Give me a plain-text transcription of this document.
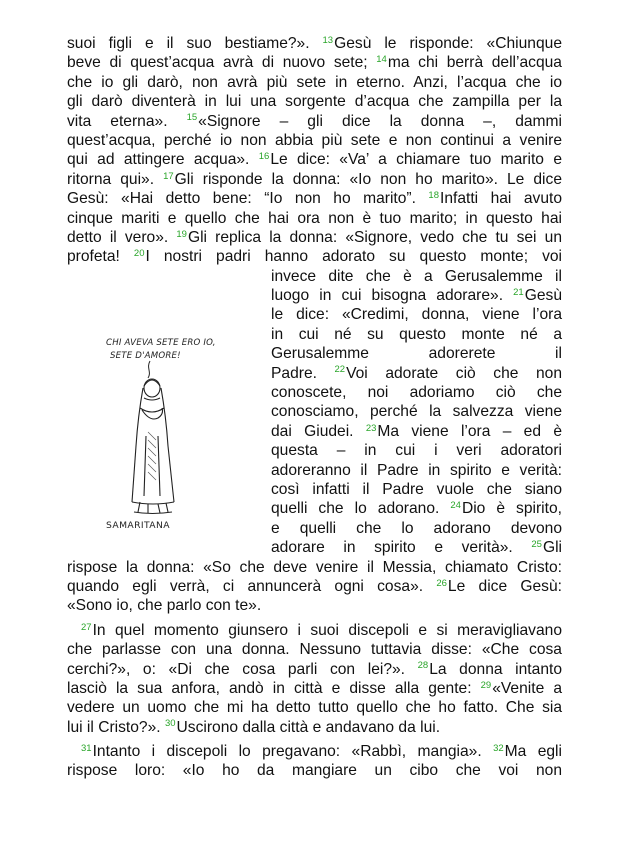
suoi figli e il suo bestiame?». $^{13}$Gesù le risponde: «Chiunque
beve di quest’acqua avrà di nuovo sete; $^{14}$ma chi berrà dell’acqua
che io gli darò, non avrà più sete in eterno. Anzi, l’acqua che io
gli darò diventerà in lui una sorgente d’acqua che zampilla per la
vita eterna». $^{15}$«Signore – gli dice la donna –, dammi
quest’acqua, perché io non abbia più sete e non continui a venire
qui ad attingere acqua». $^{16}$Le dice: «Va’ a chiamare tuo marito e
ritorna qui». $^{17}$Gli risponde la donna: «Io non ho marito». Le dice
Gesù: «Hai detto bene: “Io non ho marito”. $^{18}$Infatti hai avuto
cinque mariti e quello che hai ora non è tuo marito; in questo hai
detto il vero». $^{19}$Gli replica la donna: «Signore, vedo che tu sei un
profeta! $^{20}$I nostri padri hanno adorato su questo monte; voi
invece dite che è a Gerusalemme il
luogo in cui bisogna adorare». $^{21}$Gesù
le dice: «Credimi, donna, viene l’ora
in cui né su questo monte né a
Gerusalemme adorerete il
Padre. $^{22}$Voi adorate ciò che non
conoscete, noi adoriamo ciò che
conosciamo, perché la salvezza viene
dai Giudei. $^{23}$Ma viene l’ora – ed è
questa – in cui i veri adoratori
adoreranno il Padre in spirito e verità:
così infatti il Padre vuole che siano
quelli che lo adorano. $^{24}$Dio è spirito,
e quelli che lo adorano devono
adorare in spirito e verità». $^{25}$Gli
rispose la donna: «So che deve venire il Messia, chiamato Cristo:
quando egli verrà, ci annuncerà ogni cosa». $^{26}$Le dice Gesù:
«Sono io, che parlo con te».
$^{27}$In quel momento giunsero i suoi discepoli e si meravigliavano
che parlasse con una donna. Nessuno tuttavia disse: «Che cosa
cerchi?», o: «Di che cosa parli con lei?». $^{28}$La donna intanto
lasciò la sua anfora, andò in città e disse alla gente: $^{29}$«Venite a
vedere un uomo che mi ha detto tutto quello che ho fatto. Che sia
lui il Cristo?». $^{30}$Uscirono dalla città e andavano da lui.
$^{31}$Intanto i discepoli lo pregavano: «Rabbì, mangia». $^{32}$Ma egli
rispose loro: «Io ho da mangiare un cibo che voi non
CHI AVEVA SETE ERO IO,
SETE D'AMORE!
SAMARITANA
